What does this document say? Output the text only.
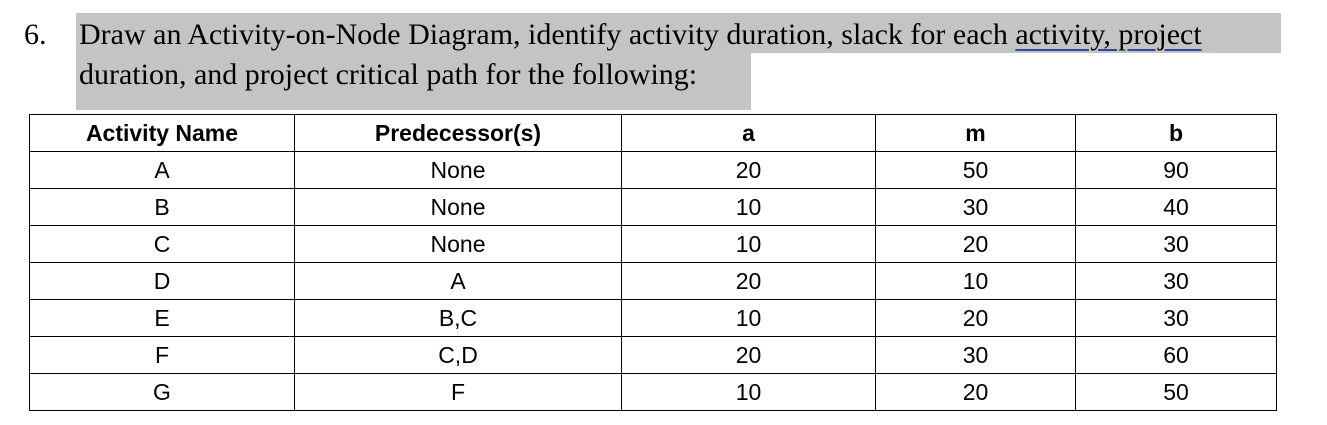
6. Draw an Activity-on-Node Diagram, identify activity duration, slack for each activity, project
duration, and project critical path for the following:
Activity Name	Predecessor(s)	a	m	b
A	None	20	50	90
B	None	10	30	40
C	None	10	20	30
D	A	20	10	30
E	B,C	10	20	30
F	C,D	20	30	60
G	F	10	20	50
